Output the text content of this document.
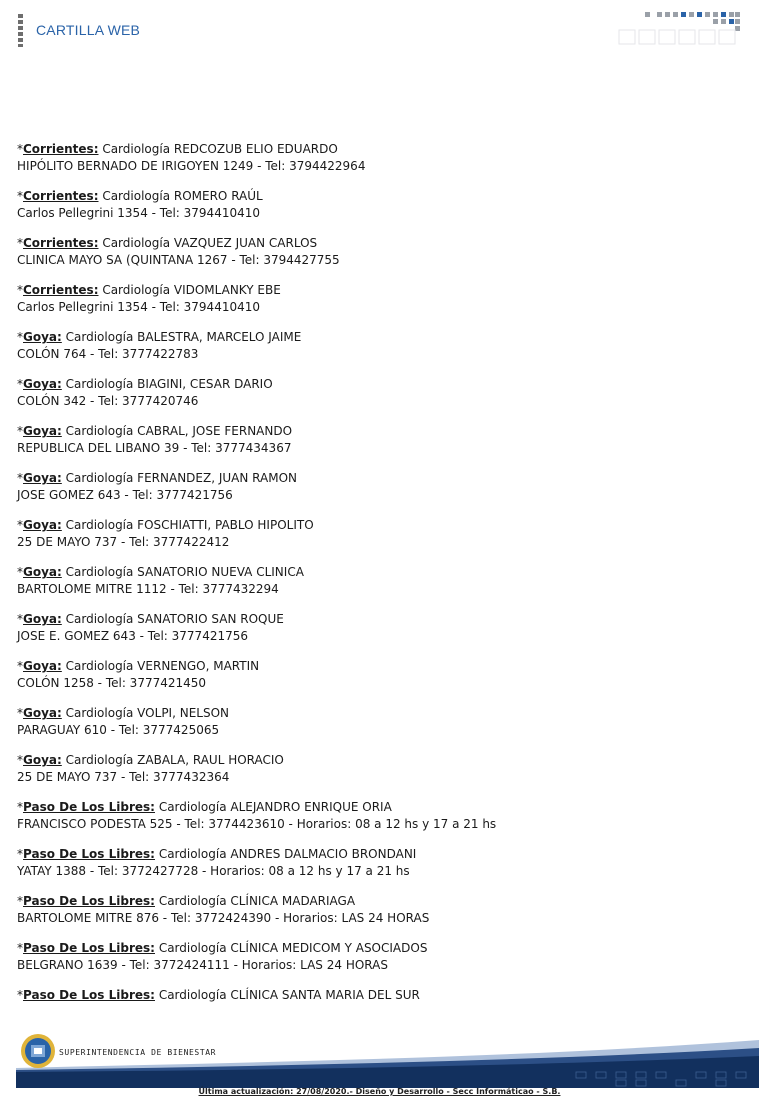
CARTILLA WEB
*Corrientes: Cardiología REDCOZUB ELIO EDUARDO
HIPÓLITO BERNADO DE IRIGOYEN 1249 - Tel: 3794422964
*Corrientes: Cardiología ROMERO RAÚL
Carlos Pellegrini 1354 - Tel: 3794410410
*Corrientes: Cardiología VAZQUEZ JUAN CARLOS
CLINICA MAYO SA (QUINTANA 1267 - Tel: 3794427755
*Corrientes: Cardiología VIDOMLANKY EBE
Carlos Pellegrini 1354 - Tel: 3794410410
*Goya: Cardiología BALESTRA, MARCELO JAIME
COLÓN 764 - Tel: 3777422783
*Goya: Cardiología BIAGINI, CESAR DARIO
COLÓN 342 - Tel: 3777420746
*Goya: Cardiología CABRAL, JOSE FERNANDO
REPUBLICA DEL LIBANO 39 - Tel: 3777434367
*Goya: Cardiología FERNANDEZ, JUAN RAMON
JOSE GOMEZ 643 - Tel: 3777421756
*Goya: Cardiología FOSCHIATTI, PABLO HIPOLITO
25 DE MAYO 737 - Tel: 3777422412
*Goya: Cardiología SANATORIO NUEVA CLINICA
BARTOLOME MITRE 1112 - Tel: 3777432294
*Goya: Cardiología SANATORIO SAN ROQUE
JOSE E. GOMEZ 643 - Tel: 3777421756
*Goya: Cardiología VERNENGO, MARTIN
COLÓN 1258 - Tel: 3777421450
*Goya: Cardiología VOLPI, NELSON
PARAGUAY 610 - Tel: 3777425065
*Goya: Cardiología ZABALA, RAUL HORACIO
25 DE MAYO 737 - Tel: 3777432364
*Paso De Los Libres: Cardiología ALEJANDRO ENRIQUE ORIA
FRANCISCO PODESTA 525 - Tel: 3774423610 - Horarios: 08 a 12 hs y 17 a 21 hs
*Paso De Los Libres: Cardiología ANDRES DALMACIO BRONDANI
YATAY 1388 - Tel: 3772427728 - Horarios: 08 a 12 hs y 17 a 21 hs
*Paso De Los Libres: Cardiología CLÍNICA MADARIAGA
BARTOLOME MITRE 876 - Tel: 3772424390 - Horarios: LAS 24 HORAS
*Paso De Los Libres: Cardiología CLÍNICA MEDICOM Y ASOCIADOS
BELGRANO 1639 - Tel: 3772424111 - Horarios: LAS 24 HORAS
*Paso De Los Libres: Cardiología CLÍNICA SANTA MARIA DEL SUR
SUPERINTENDENCIA DE BIENESTAR
Última actualización: 27/08/2020.- Diseño y Desarrollo - Secc Informáticao - S.B.
